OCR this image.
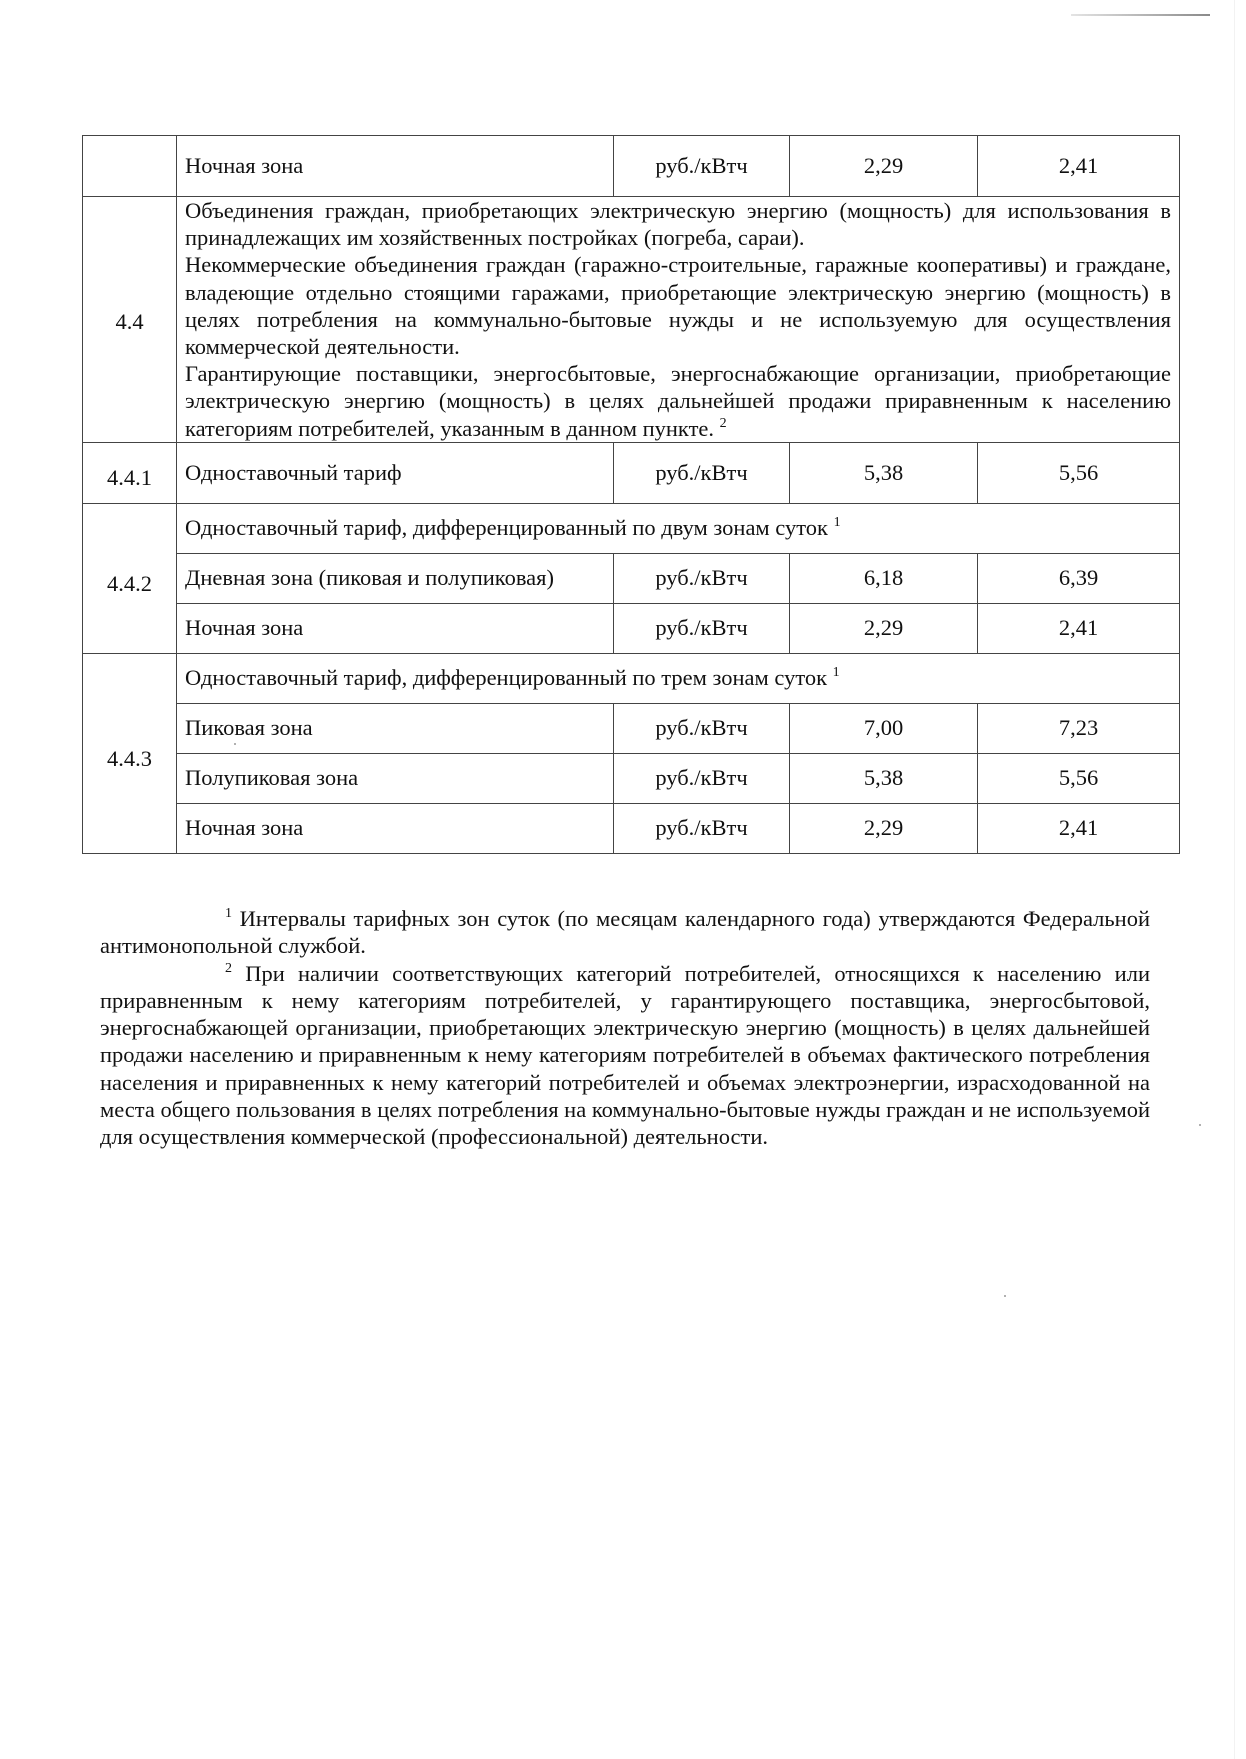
	Ночная зона	руб./кВтч	2,29	2,41
4.4	Объединения граждан, приобретающих электрическую энергию (мощность) для использования в принадлежащих им хозяйственных постройках (погреба, сараи).

Некоммерческие объединения граждан (гаражно-строительные, гаражные кооперативы) и граждане, владеющие отдельно стоящими гаражами, приобретающие электрическую энергию (мощность) в целях потребления на коммунально-бытовые нужды и не используемую для осуществления коммерческой деятельности.

Гарантирующие поставщики, энергосбытовые, энергоснабжающие организации, приобретающие электрическую энергию (мощность) в целях дальнейшей продажи приравненным к населению категориям потребителей, указанным в данном пункте. $^2$

4.4.1	Одноставочный тариф	руб./кВтч	5,38	5,56
4.4.2	Одноставочный тариф, дифференцированный по двум зонам суток $^1$
	Дневная зона (пиковая и полупиковая)	руб./кВтч	6,18	6,39
	Ночная зона	руб./кВтч	2,29	2,41
4.4.3	Одноставочный тариф, дифференцированный по трем зонам суток $^1$
	Пиковая зона	руб./кВтч	7,00	7,23
	Полупиковая зона	руб./кВтч	5,38	5,56
	Ночная зона	руб./кВтч	2,29	2,41

$^1$ Интервалы тарифных зон суток (по месяцам календарного года) утверждаются Федеральной антимонопольной службой.

$^2$ При наличии соответствующих категорий потребителей, относящихся к населению или приравненным к нему категориям потребителей, у гарантирующего поставщика, энергосбытовой, энергоснабжающей организации, приобретающих электрическую энергию (мощность) в целях дальнейшей продажи населению и приравненным к нему категориям потребителей в объемах фактического потребления населения и приравненных к нему категорий потребителей и объемах электроэнергии, израсходованной на места общего пользования в целях потребления на коммунально-бытовые нужды граждан и не используемой для осуществления коммерческой (профессиональной) деятельности.
